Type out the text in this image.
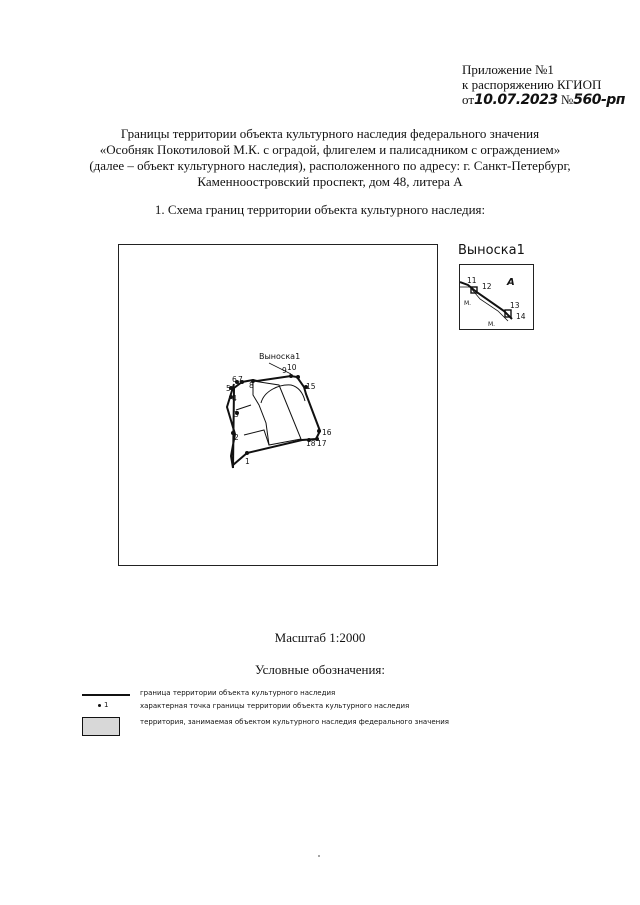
Приложение №1
к распоряжению КГИОП
от10.07.2023 №560-рп
Границы территории объекта культурного наследия федерального значения
«Особняк Покотиловой М.К. с оградой, флигелем и палисадником с ограждением»
(далее – объект культурного наследия), расположенного по адресу: г. Санкт-Петербург,
Каменноостровский проспект, дом 48, литера А
1. Схема границ территории объекта культурного наследия:
Выноска1
1
2
3
4
5
6 7
8
9 10
15
16
17
18
Выноска1
А
11
12
13
14
М.
М.
Масштаб 1:2000
Условные обозначения:
граница территории объекта культурного наследия
1	характерная точка границы территории объекта культурного наследия
территория, занимаемая объектом культурного наследия федерального значения
